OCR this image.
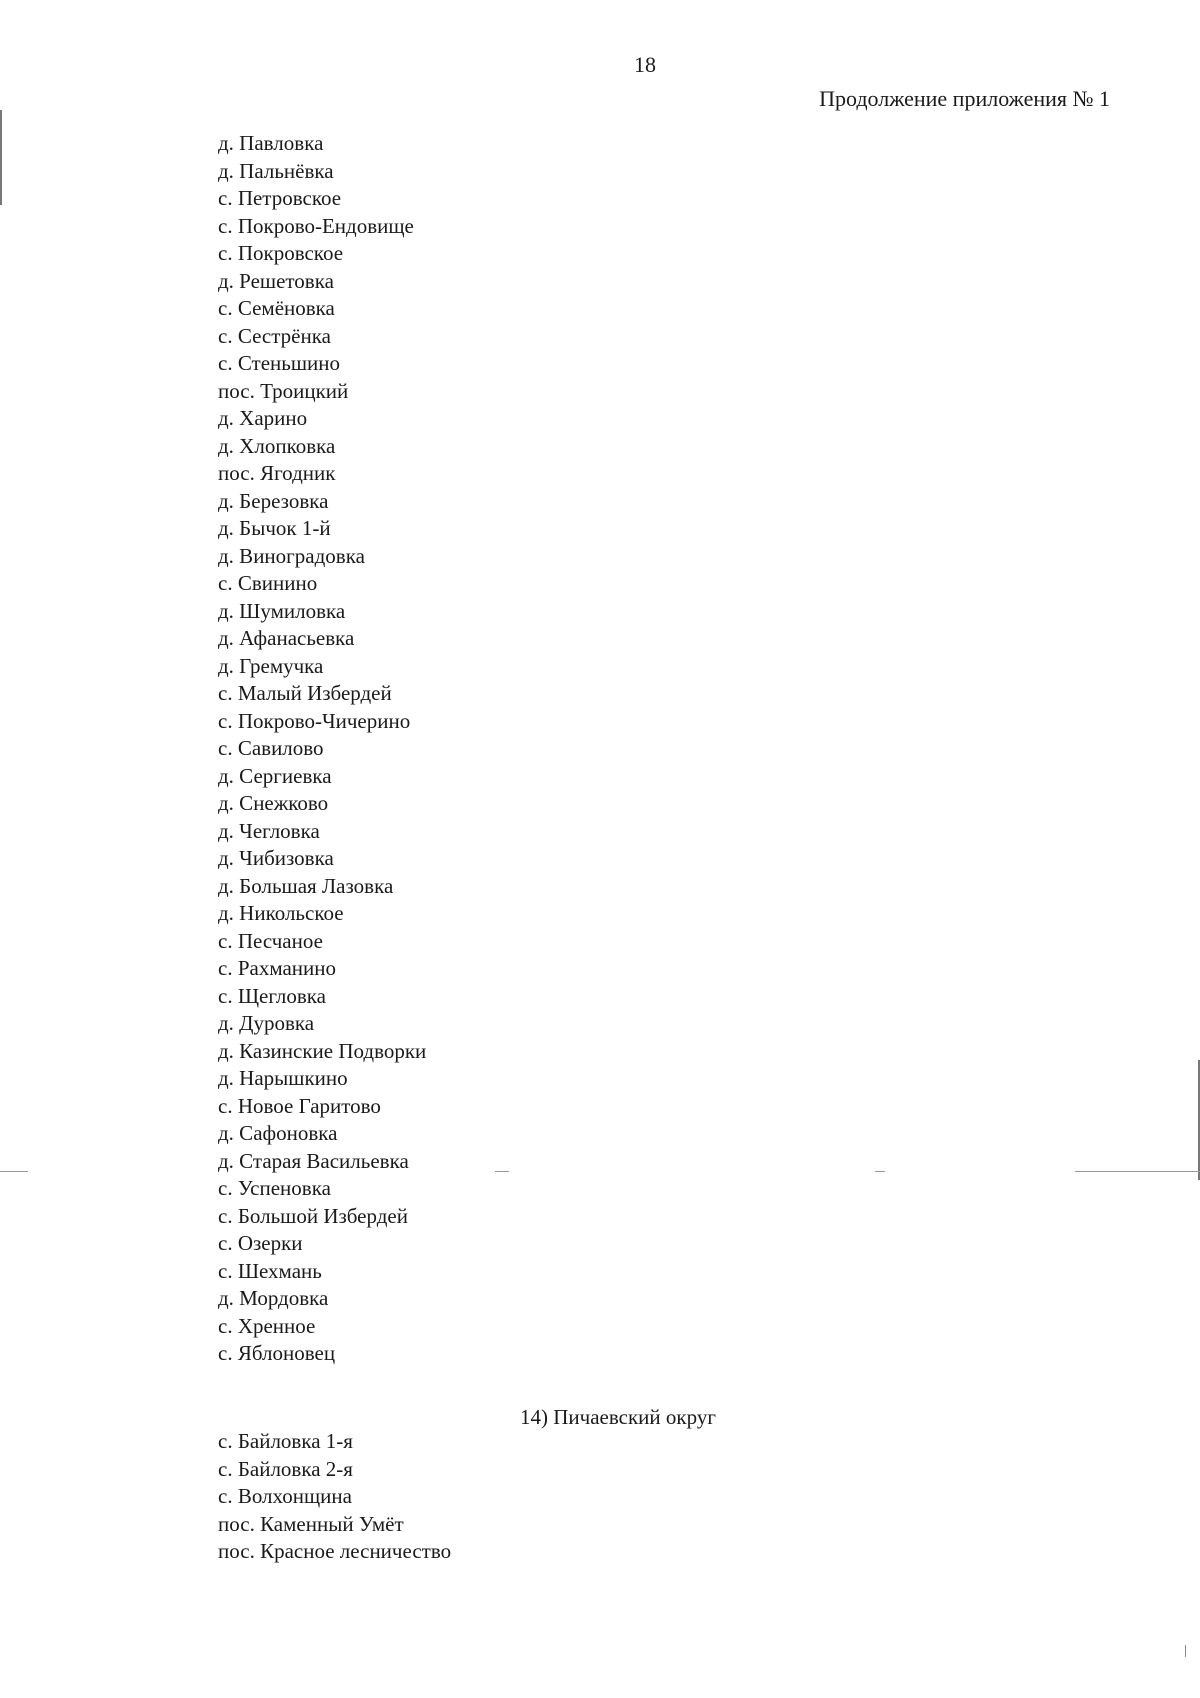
18
Продолжение приложения № 1
д. Павловка
д. Пальнёвка
с. Петровское
с. Покрово-Ендовище
с. Покровское
д. Решетовка
с. Семёновка
с. Сестрёнка
с. Стеньшино
пос. Троицкий
д. Харино
д. Хлопковка
пос. Ягодник
д. Березовка
д. Бычок 1-й
д. Виноградовка
с. Свинино
д. Шумиловка
д. Афанасьевка
д. Гремучка
с. Малый Избердей
с. Покрово-Чичерино
с. Савилово
д. Сергиевка
д. Снежково
д. Чегловка
д. Чибизовка
д. Большая Лазовка
д. Никольское
с. Песчаное
с. Рахманино
с. Щегловка
д. Дуровка
д. Казинские Подворки
д. Нарышкино
с. Новое Гаритово
д. Сафоновка
д. Старая Васильевка
с. Успеновка
с. Большой Избердей
с. Озерки
с. Шехмань
д. Мордовка
с. Хренное
с. Яблоновец
14) Пичаевский округ
с. Байловка 1-я
с. Байловка 2-я
с. Волхонщина
пос. Каменный Умёт
пос. Красное лесничество
